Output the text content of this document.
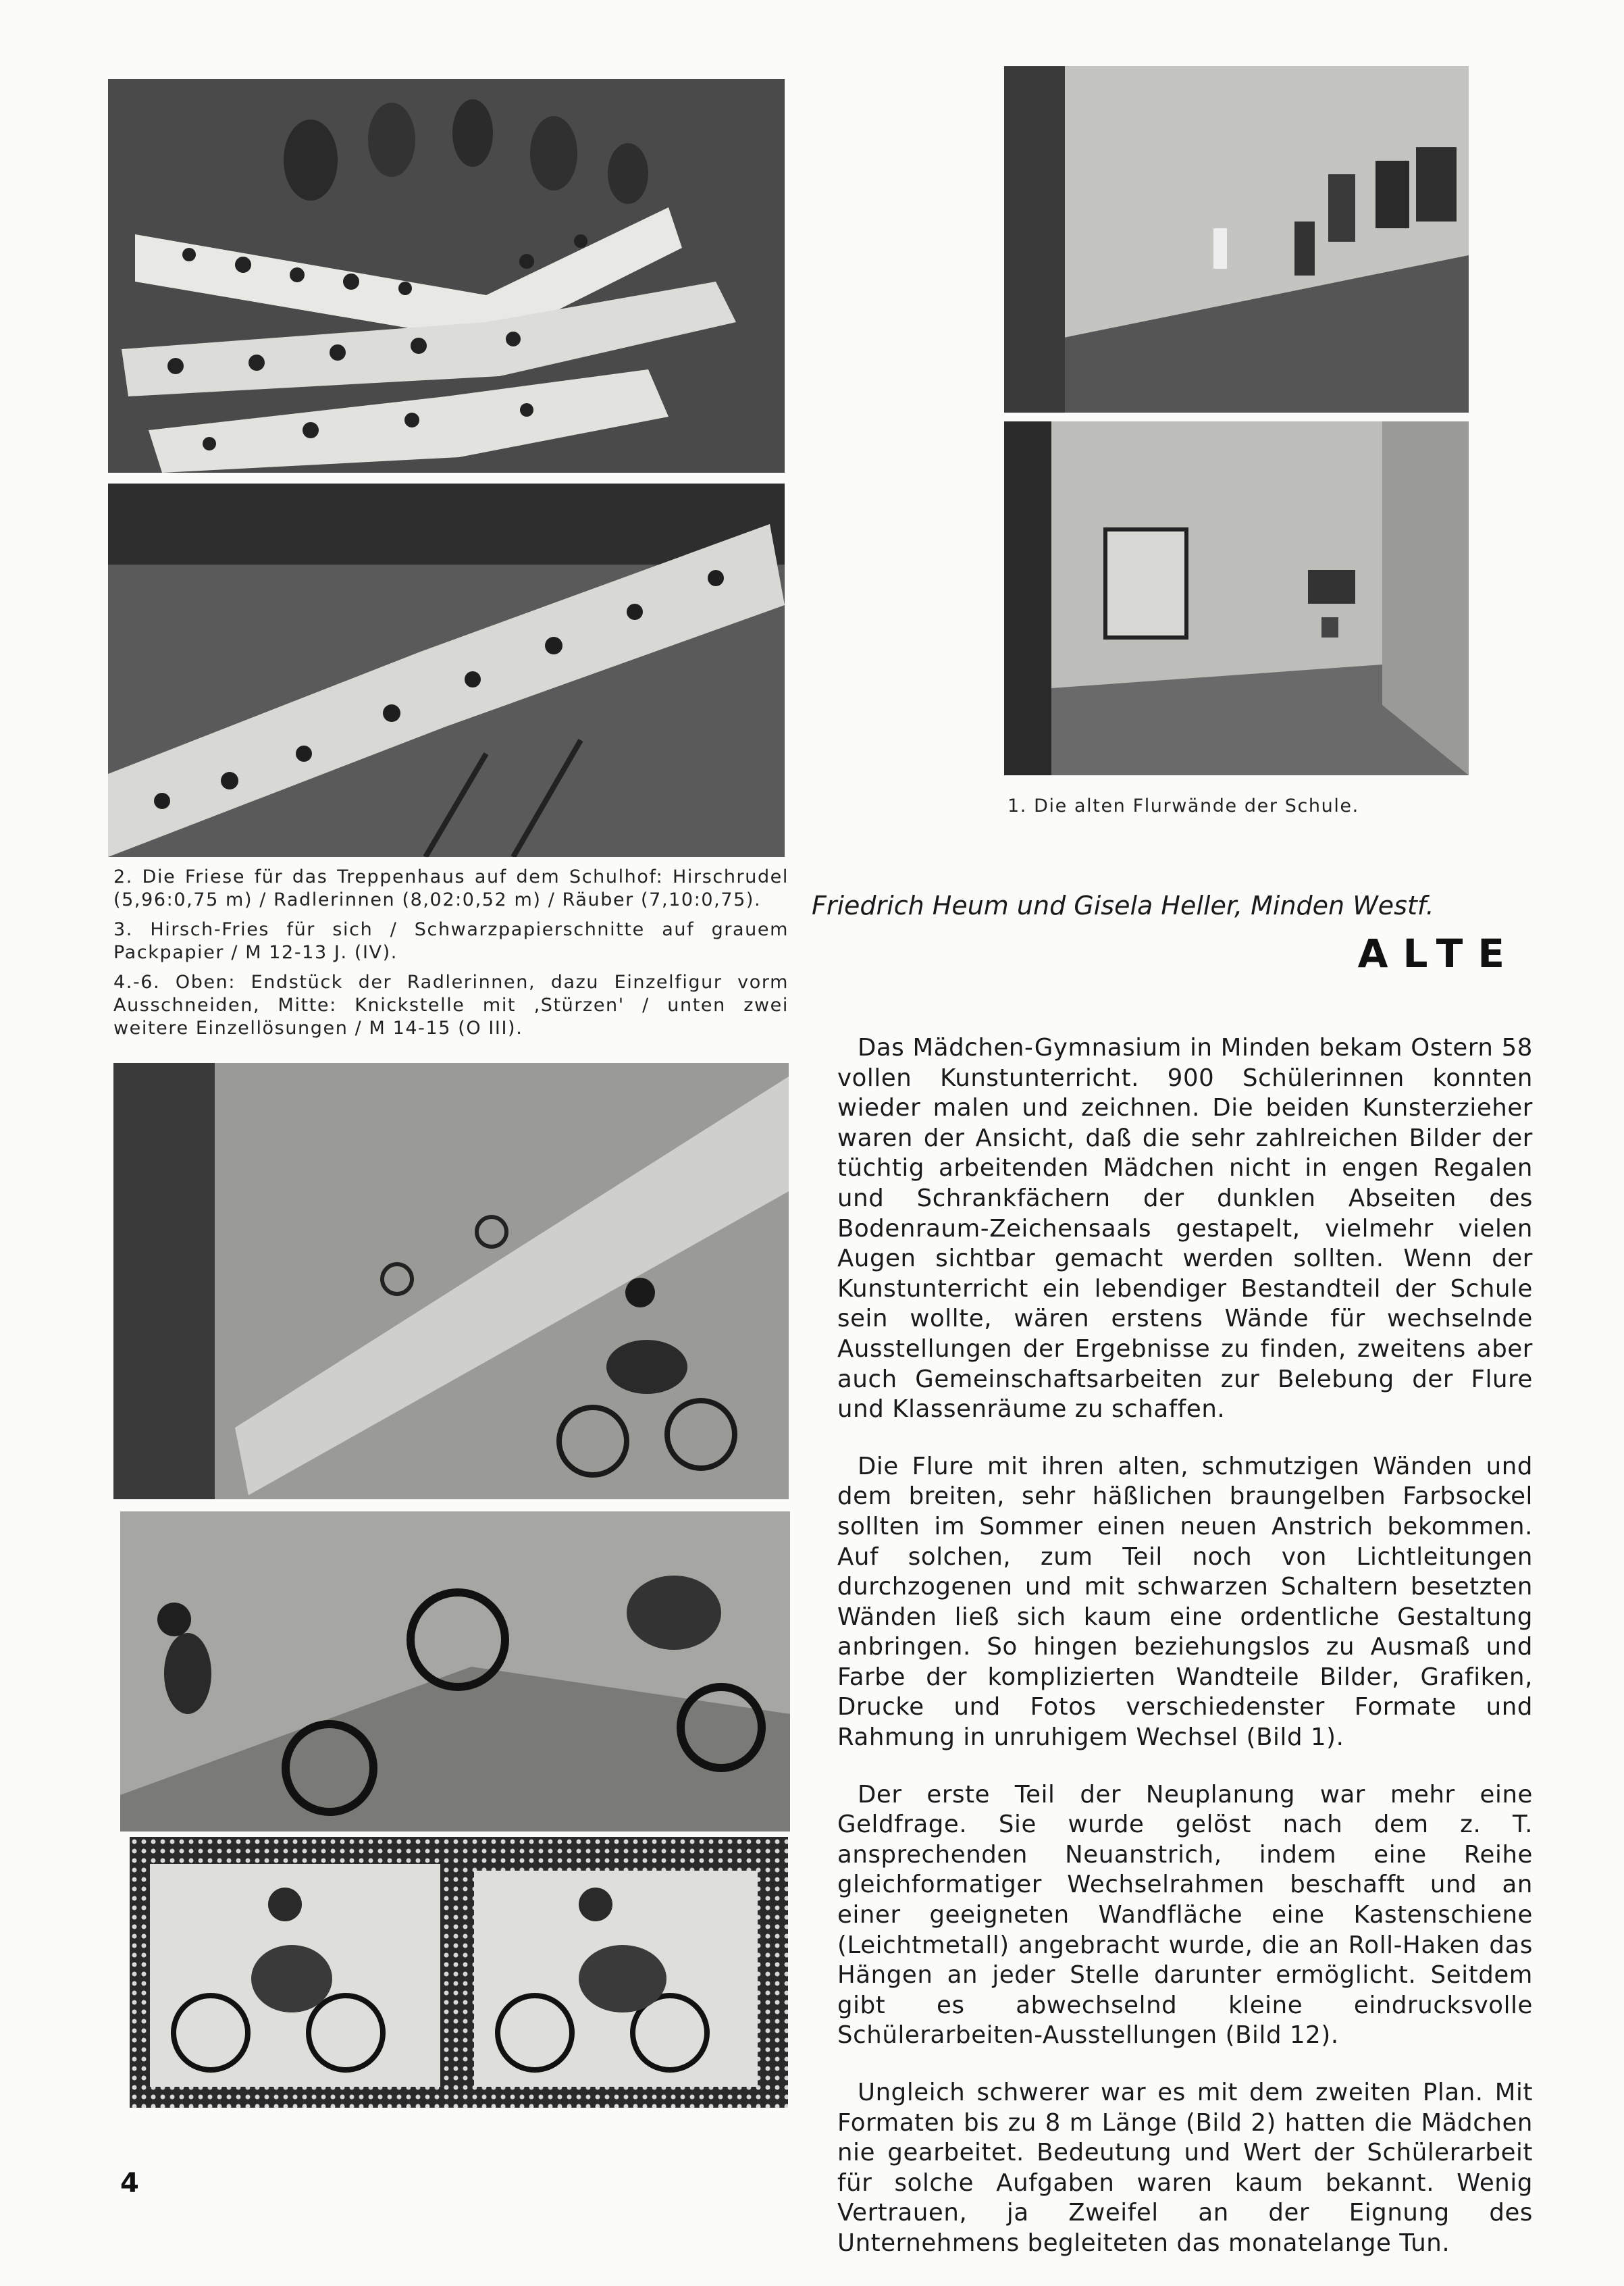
1. Die alten Flurwände der Schule.

2. Die Friese für das Treppenhaus auf dem Schulhof: Hirschrudel (5,96:0,75 m) / Radlerinnen (8,02:0,52 m) / Räuber (7,10:0,75).

3. Hirsch-Fries für sich / Schwarzpapierschnitte auf grauem Packpapier / M 12-13 J. (IV).

4.-6. Oben: Endstück der Radlerinnen, dazu Einzelfigur vorm Ausschneiden, Mitte: Knickstelle mit ‚Stürzen' / unten zwei weitere Einzellösungen / M 14-15 (O III).

Friedrich Heum und Gisela Heller, Minden Westf.
ALTE

Das Mädchen-Gymnasium in Minden bekam Ostern 58 vollen Kunstunterricht. 900 Schülerinnen konnten wieder malen und zeichnen. Die beiden Kunsterzieher waren der Ansicht, daß die sehr zahlreichen Bilder der tüchtig arbeitenden Mädchen nicht in engen Regalen und Schrankfächern der dunklen Abseiten des Bodenraum-Zeichensaals gestapelt, vielmehr vielen Augen sichtbar gemacht werden sollten. Wenn der Kunstunterricht ein lebendiger Bestandteil der Schule sein wollte, wären erstens Wände für wechselnde Ausstellungen der Ergebnisse zu finden, zweitens aber auch Gemeinschaftsarbeiten zur Belebung der Flure und Klassenräume zu schaffen.

Die Flure mit ihren alten, schmutzigen Wänden und dem breiten, sehr häßlichen braungelben Farbsockel sollten im Sommer einen neuen Anstrich bekommen. Auf solchen, zum Teil noch von Lichtleitungen durchzogenen und mit schwarzen Schaltern besetzten Wänden ließ sich kaum eine ordentliche Gestaltung anbringen. So hingen beziehungslos zu Ausmaß und Farbe der komplizierten Wandteile Bilder, Grafiken, Drucke und Fotos verschiedenster Formate und Rahmung in unruhigem Wechsel (Bild 1).

Der erste Teil der Neuplanung war mehr eine Geldfrage. Sie wurde gelöst nach dem z. T. ansprechenden Neuanstrich, indem eine Reihe gleichformatiger Wechselrahmen beschafft und an einer geeigneten Wandfläche eine Kastenschiene (Leichtmetall) angebracht wurde, die an Roll-Haken das Hängen an jeder Stelle darunter ermöglicht. Seitdem gibt es abwechselnd kleine eindrucksvolle Schülerarbeiten-Ausstellungen (Bild 12).

Ungleich schwerer war es mit dem zweiten Plan. Mit Formaten bis zu 8 m Länge (Bild 2) hatten die Mädchen nie gearbeitet. Bedeutung und Wert der Schülerarbeit für solche Aufgaben waren kaum bekannt. Wenig Vertrauen, ja Zweifel an der Eignung des Unternehmens begleiteten das monatelange Tun.

4
